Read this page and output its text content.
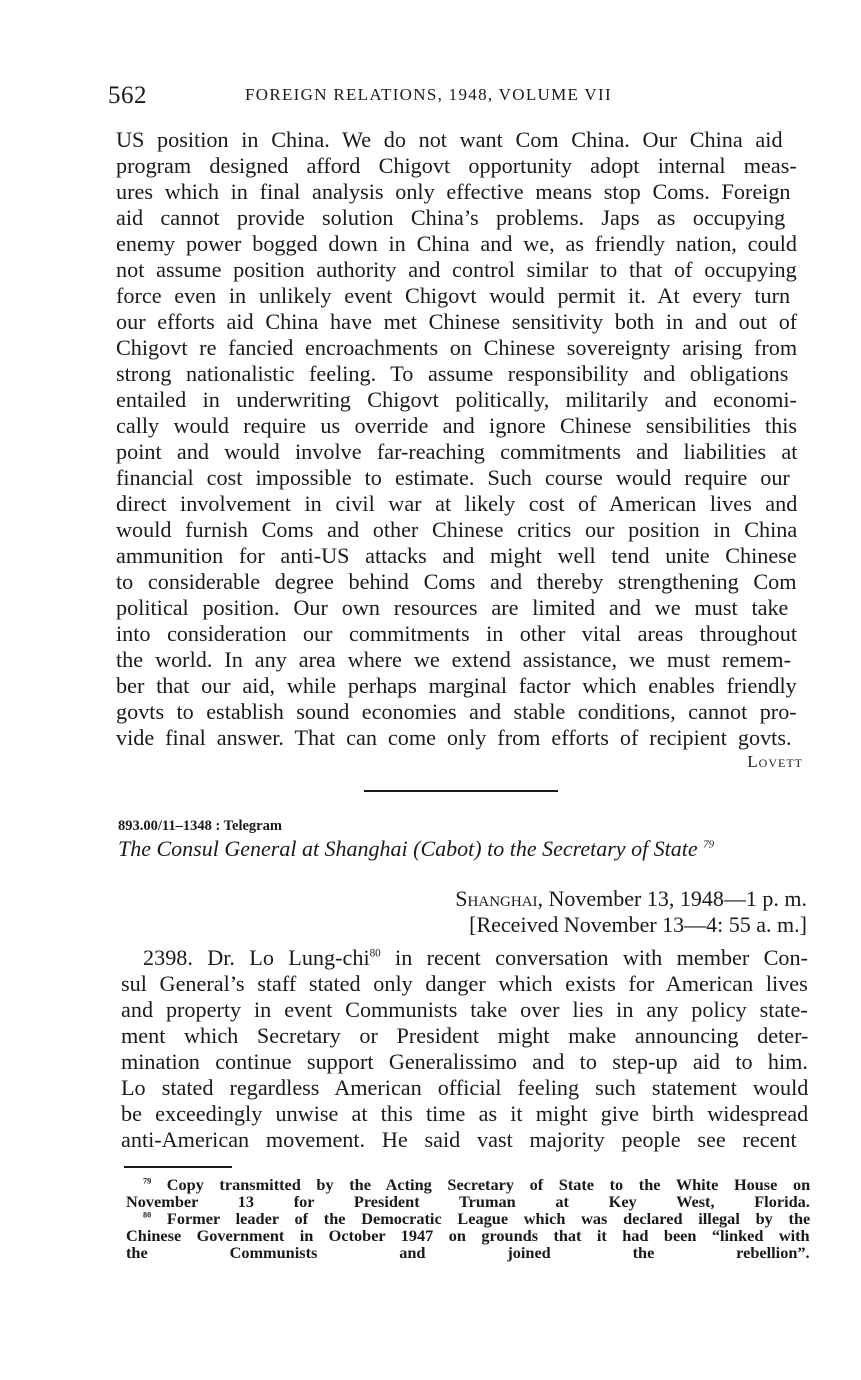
562	FOREIGN RELATIONS, 1948, VOLUME VII
US position in China. We do not want Com China. Our China aid
program designed afford Chigovt opportunity adopt internal meas-
ures which in final analysis only effective means stop Coms. Foreign
aid cannot provide solution China’s problems. Japs as occupying
enemy power bogged down in China and we, as friendly nation, could
not assume position authority and control similar to that of occupying
force even in unlikely event Chigovt would permit it. At every turn
our efforts aid China have met Chinese sensitivity both in and out of
Chigovt re fancied encroachments on Chinese sovereignty arising from
strong nationalistic feeling. To assume responsibility and obligations
entailed in underwriting Chigovt politically, militarily and economi-
cally would require us override and ignore Chinese sensibilities this
point and would involve far-reaching commitments and liabilities at
financial cost impossible to estimate. Such course would require our
direct involvement in civil war at likely cost of American lives and
would furnish Coms and other Chinese critics our position in China
ammunition for anti-US attacks and might well tend unite Chinese
to considerable degree behind Coms and thereby strengthening Com
political position. Our own resources are limited and we must take
into consideration our commitments in other vital areas throughout
the world. In any area where we extend assistance, we must remem-
ber that our aid, while perhaps marginal factor which enables friendly
govts to establish sound economies and stable conditions, cannot pro-
vide final answer. That can come only from efforts of recipient govts.
Lovett
893.00/11–1348 : Telegram
The Consul General at Shanghai (Cabot) to the Secretary of State $^{79}$
Shanghai, November 13, 1948—1 p. m.
[Received November 13—4: 55 a. m.]
2398. Dr. Lo Lung-chi$^{80}$ in recent conversation with member Con-
sul General’s staff stated only danger which exists for American lives
and property in event Communists take over lies in any policy state-
ment which Secretary or President might make announcing deter-
mination continue support Generalissimo and to step-up aid to him.
Lo stated regardless American official feeling such statement would
be exceedingly unwise at this time as it might give birth widespread
anti-American movement. He said vast majority people see recent
$^{79}$ Copy transmitted by the Acting Secretary of State to the White House on
November 13 for President Truman at Key West, Florida.
$^{80}$ Former leader of the Democratic League which was declared illegal by the
Chinese Government in October 1947 on grounds that it had been “linked with
the Communists and joined the rebellion”.
